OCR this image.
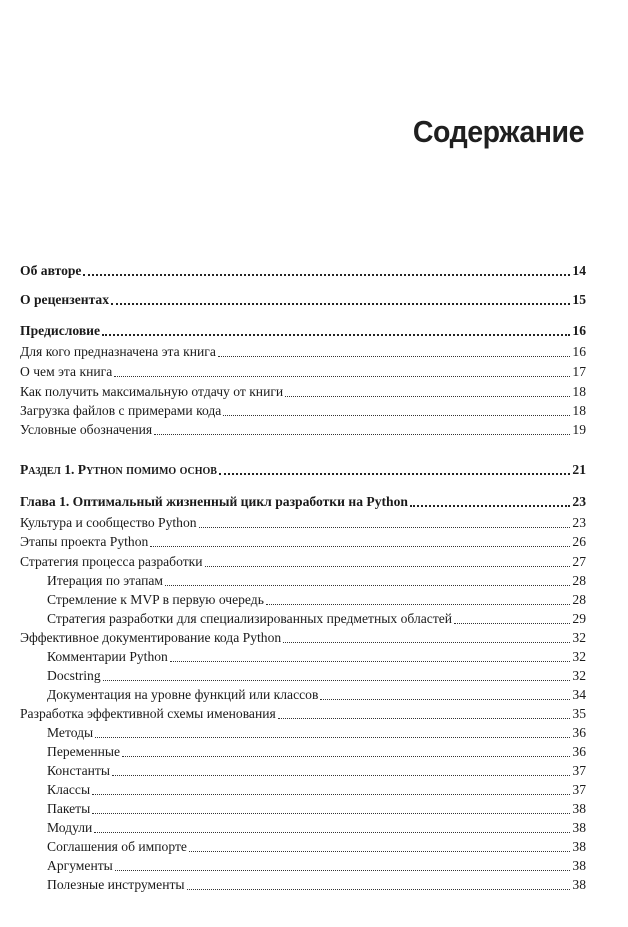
Содержание
Об авторе	14
О рецензентах	15
Предисловие	16
Для кого предназначена эта книга	16
О чем эта книга	17
Как получить максимальную отдачу от книги	18
Загрузка файлов с примерами кода	18
Условные обозначения	19
Раздел 1. Python помимо основ	21
Глава 1. Оптимальный жизненный цикл разработки на Python	23
Культура и сообщество Python	23
Этапы проекта Python	26
Стратегия процесса разработки	27
Итерация по этапам	28
Стремление к MVP в первую очередь	28
Стратегия разработки для специализированных предметных областей	29
Эффективное документирование кода Python	32
Комментарии Python	32
Docstring	32
Документация на уровне функций или классов	34
Разработка эффективной схемы именования	35
Методы	36
Переменные	36
Константы	37
Классы	37
Пакеты	38
Модули	38
Соглашения об импорте	38
Аргументы	38
Полезные инструменты	38
